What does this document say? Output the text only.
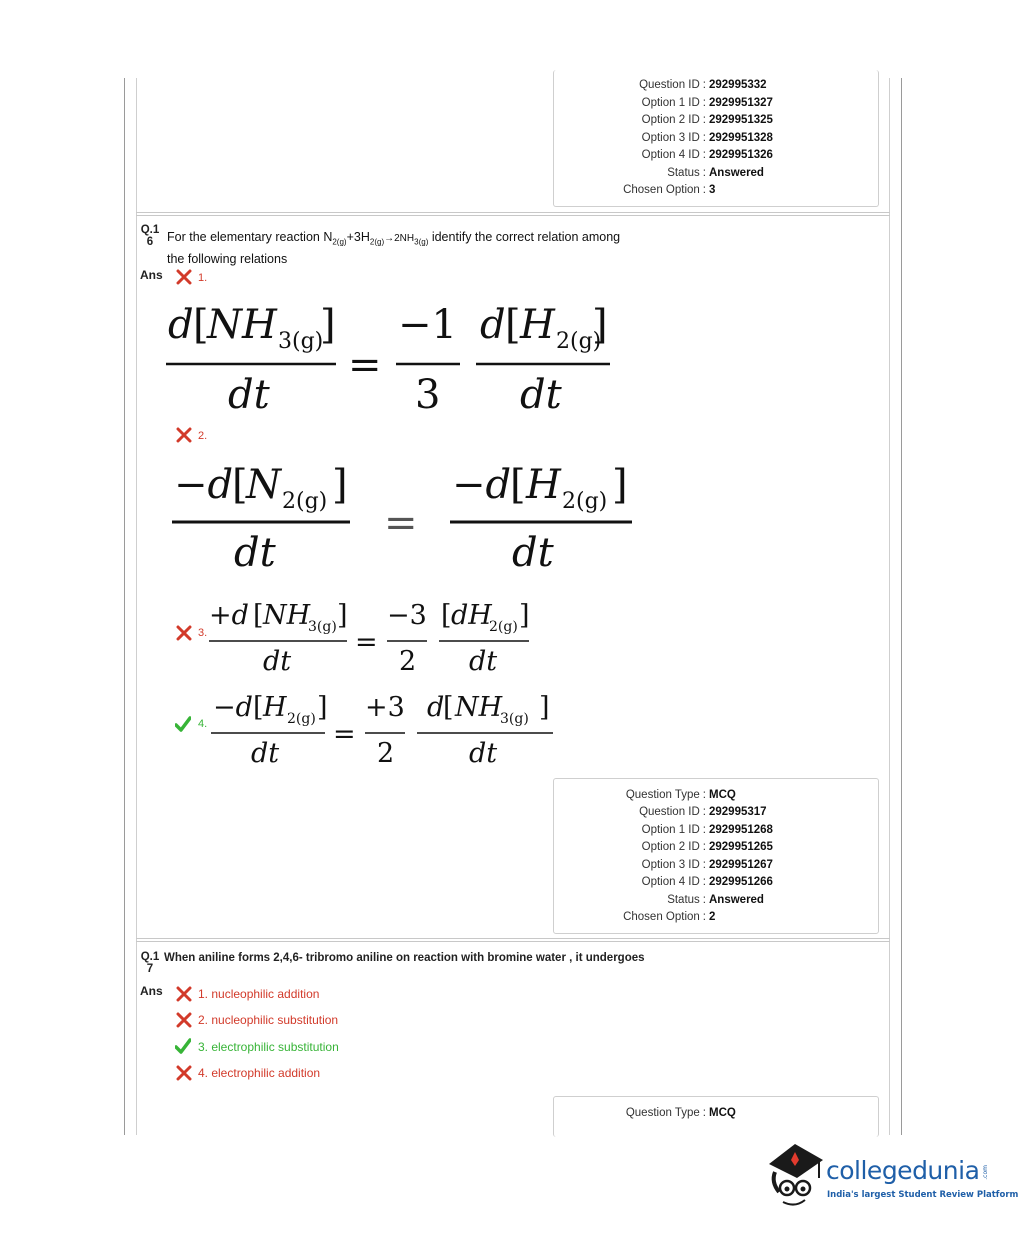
Question ID : 292995332
Option 1 ID : 2929951327
Option 2 ID : 2929951325
Option 3 ID : 2929951328
Option 4 ID : 2929951326
Status : Answered
Chosen Option : 3
Q.1
6	For the elementary reaction $N_{2(g)}+3H_{2(g)}\to 2NH_{3(g)}$ identify the correct relation among
the following relations
Ans	1.
d [
NH 3(g)
]
dt
=
−1
3
d [ H 2(g)
]
dt
2.
−d
[
N 2(g) ]
dt
=
−d
[ H 2(g) ]
dt
3.
+d [ NH
3(g) ]
dt
=
−3
2
[ dH
2(g) ]
dt
4.
−d [ H 2(g) ]
dt
=
+3
2
d
[ NH
3(g) ]
dt
Question Type : MCQ
Question ID : 292995317
Option 1 ID : 2929951268
Option 2 ID : 2929951265
Option 3 ID : 2929951267
Option 4 ID : 2929951266
Status : Answered
Chosen Option : 2
Q.1
7
When aniline forms 2,4,6- tribromo aniline on reaction with bromine water , it undergoes
Ans	1. nucleophilic addition
2. nucleophilic substitution
3. electrophilic substitution
4. electrophilic addition
Question Type : MCQ
collegedunia .com
India's largest Student Review Platform
